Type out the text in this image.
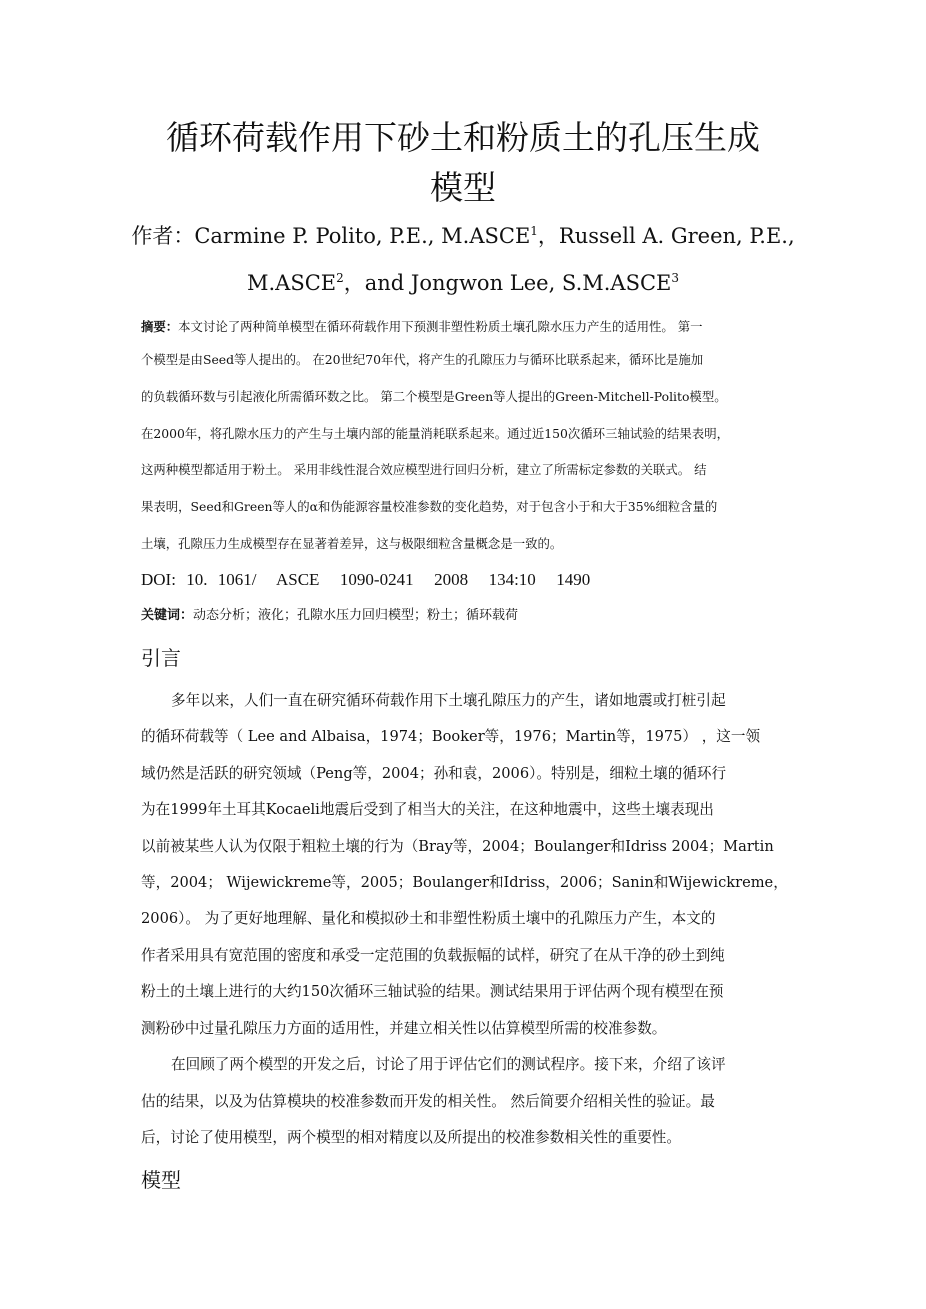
循环荷载作用下砂土和粉质土的孔压生成
模型
作者：Carmine P. Polito, P.E., M.ASCE$^1$，Russell A. Green, P.E.,
M.ASCE$^2$，and Jongwon Lee, S.M.ASCE$^3$
摘要：本文讨论了两种简单模型在循环荷载作用下预测非塑性粉质土壤孔隙水压力产生的适用性。 第一
个模型是由Seed等人提出的。 在20世纪70年代，将产生的孔隙压力与循环比联系起来，循环比是施加
的负载循环数与引起液化所需循环数之比。 第二个模型是Green等人提出的Green-Mitchell-Polito模型。
在2000年，将孔隙水压力的产生与土壤内部的能量消耗联系起来。通过近150次循环三轴试验的结果表明，
这两种模型都适用于粉土。 采用非线性混合效应模型进行回归分析，建立了所需标定参数的关联式。 结
果表明，Seed和Green等人的α和伪能源容量校准参数的变化趋势，对于包含小于和大于35%细粒含量的
土壤，孔隙压力生成模型存在显著着差异，这与极限细粒含量概念是一致的。
DOI: 10. 1061/  ASCE  1090-0241  2008  134:10  1490
关键词：动态分析；液化；孔隙水压力回归模型；粉土；循环载荷
引言
多年以来，人们一直在研究循环荷载作用下土壤孔隙压力的产生，诸如地震或打桩引起
的循环荷载等（ Lee and Albaisa，1974；Booker等，1976；Martin等，1975） ，这一领
域仍然是活跃的研究领域（Peng等，2004；孙和袁，2006）。特别是，细粒土壤的循环行
为在1999年土耳其Kocaeli地震后受到了相当大的关注，在这种地震中，这些土壤表现出
以前被某些人认为仅限于粗粒土壤的行为（Bray等，2004；Boulanger和Idriss 2004；Martin
等，2004； Wijewickreme等，2005；Boulanger和Idriss，2006；Sanin和Wijewickreme，
2006）。 为了更好地理解、量化和模拟砂土和非塑性粉质土壤中的孔隙压力产生，本文的
作者采用具有宽范围的密度和承受一定范围的负载振幅的试样，研究了在从干净的砂土到纯
粉土的土壤上进行的大约150次循环三轴试验的结果。测试结果用于评估两个现有模型在预
测粉砂中过量孔隙压力方面的适用性，并建立相关性以估算模型所需的校准参数。
在回顾了两个模型的开发之后，讨论了用于评估它们的测试程序。接下来，介绍了该评
估的结果，以及为估算模块的校准参数而开发的相关性。 然后简要介绍相关性的验证。最
后，讨论了使用模型，两个模型的相对精度以及所提出的校准参数相关性的重要性。
模型
